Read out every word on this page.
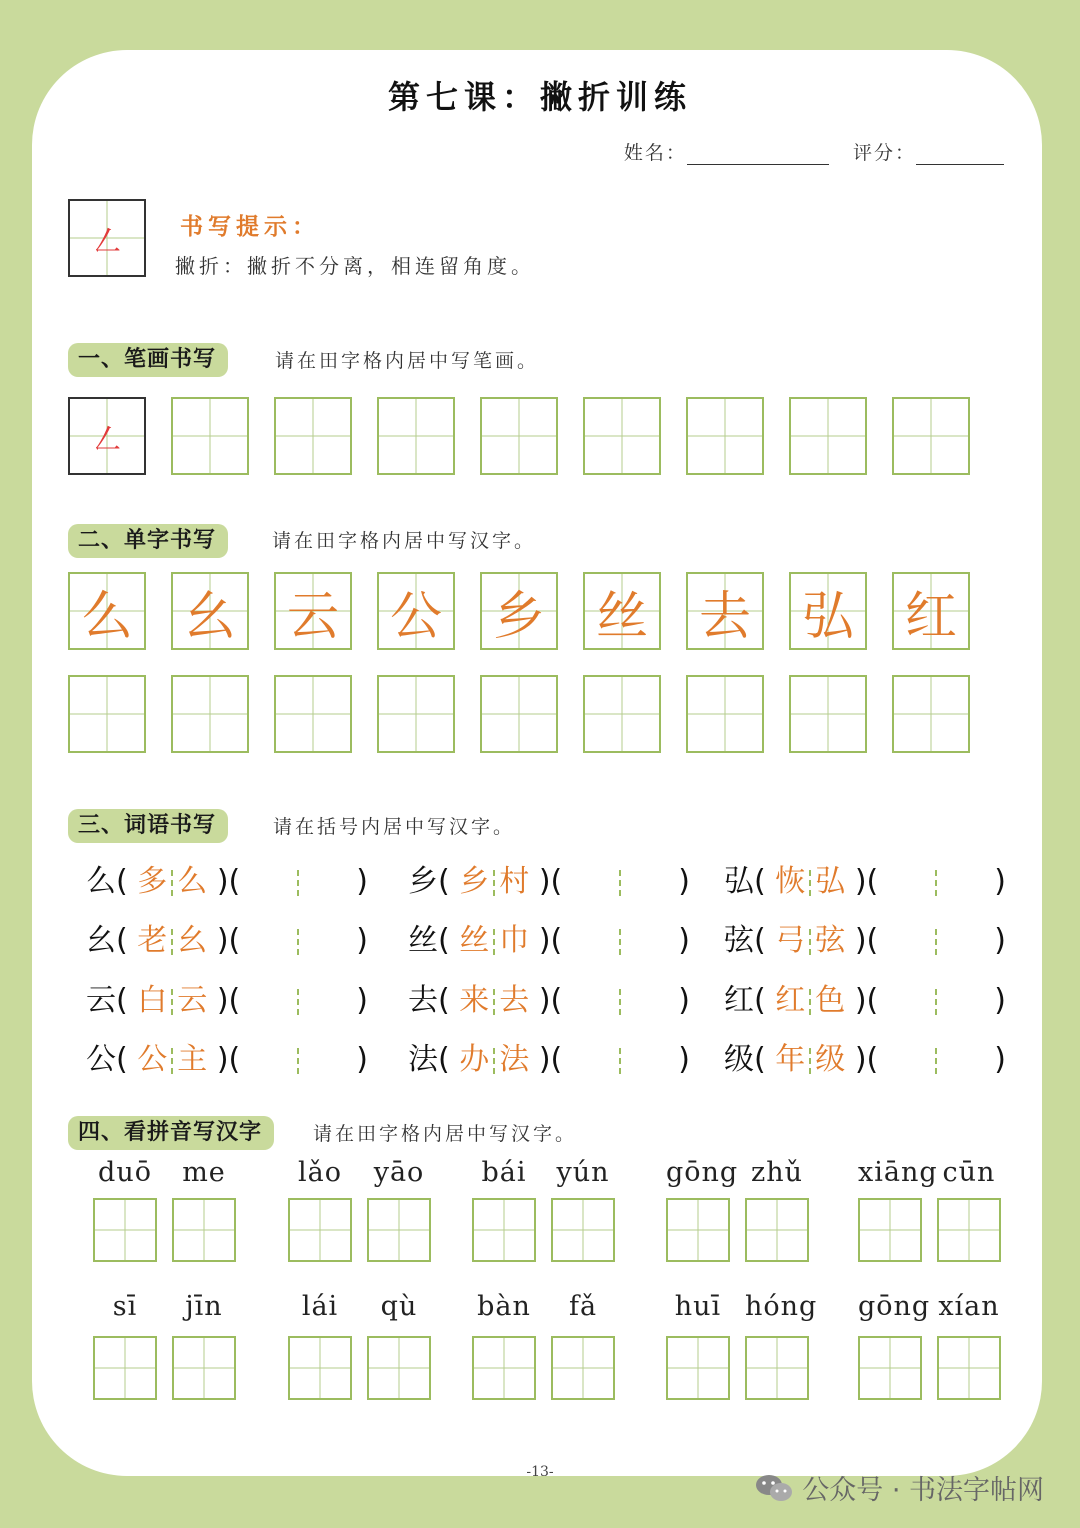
第七课：撇折训练
姓名：	评分：
㇜ 书写提示：
撇折：撇折不分离，相连留角度。
一、笔画书写	请在田字格内居中写笔画。
㇜
二、单字书写	请在田字格内居中写汉字。
么 幺 云 公 乡 丝 去 弘 红
三、词语书写	请在括号内居中写汉字。
么( 多 么 )(	) 乡( 乡 村 )(	) 弘( 恢 弘 )(	)
幺( 老 幺 )(	) 丝( 丝 巾 )(	) 弦( 弓 弦 )(	)
云( 白 云 )(	) 去( 来 去 )(	) 红( 红 色 )(	)
公( 公 主 )(	) 法( 办 法 )(	) 级( 年 级 )(	)
四、看拼音写汉字	请在田字格内居中写汉字。
duō	me	lǎo	yāo	bái	yún gōng zhǔ xiāng cūn
sī	jīn	lái	qù	bàn	fǎ	huī hóng gōng xían
-13-
公众号 · 书法字帖网
